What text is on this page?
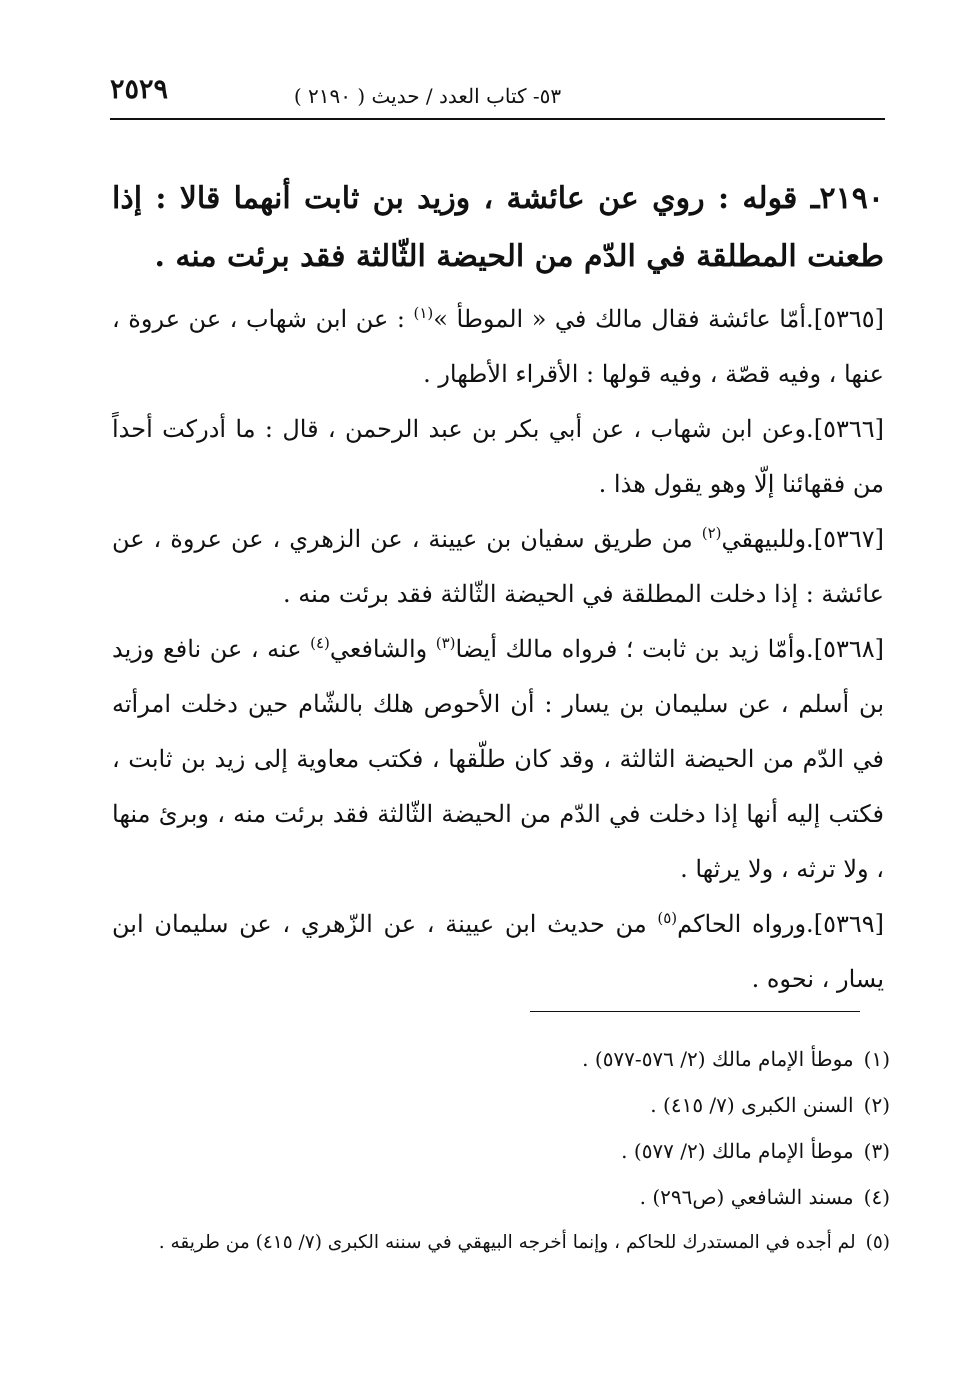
٢٥٢٩	٥٣- كتاب العدد / حديث ( ٢١٩٠ )

٢١٩٠ـ قوله : روي عن عائشة ، وزيد بن ثابت أنهما قالا : إذا طعنت المطلقة في الدّم من الحيضة الثّالثة فقد برئت منه .

[٥٣٦٥].أمّا عائشة فقال مالك في « الموطأ »$^{(١)}$ : عن ابن شهاب ، عن عروة ، عنها ، وفيه قصّة ، وفيه قولها : الأقراء الأطهار .

[٥٣٦٦].وعن ابن شهاب ، عن أبي بكر بن عبد الرحمن ، قال : ما أدركت أحداً من فقهائنا إلّا وهو يقول هذا .

[٥٣٦٧].وللبيهقي$^{(٢)}$ من طريق سفيان بن عيينة ، عن الزهري ، عن عروة ، عن عائشة : إذا دخلت المطلقة في الحيضة الثّالثة فقد برئت منه .

[٥٣٦٨].وأمّا زيد بن ثابت ؛ فرواه مالك أيضا$^{(٣)}$ والشافعي$^{(٤)}$ عنه ، عن نافع وزيد بن أسلم ، عن سليمان بن يسار : أن الأحوص هلك بالشّام حين دخلت امرأته في الدّم من الحيضة الثالثة ، وقد كان طلّقها ، فكتب معاوية إلى زيد بن ثابت ، فكتب إليه أنها إذا دخلت في الدّم من الحيضة الثّالثة فقد برئت منه ، وبرئ منها ، ولا ترثه ، ولا يرثها .

[٥٣٦٩].ورواه الحاكم$^{(٥)}$ من حديث ابن عيينة ، عن الزّهري ، عن سليمان ابن يسار ، نحوه .

(١)موطأ الإمام مالك (٢/ ٥٧٦-٥٧٧) .
(٢)السنن الكبرى (٧/ ٤١٥) .
(٣)موطأ الإمام مالك (٢/ ٥٧٧) .
(٤)مسند الشافعي (ص٢٩٦) .
(٥)لم أجده في المستدرك للحاكم ، وإنما أخرجه البيهقي في سننه الكبرى (٧/ ٤١٥) من طريقه .
